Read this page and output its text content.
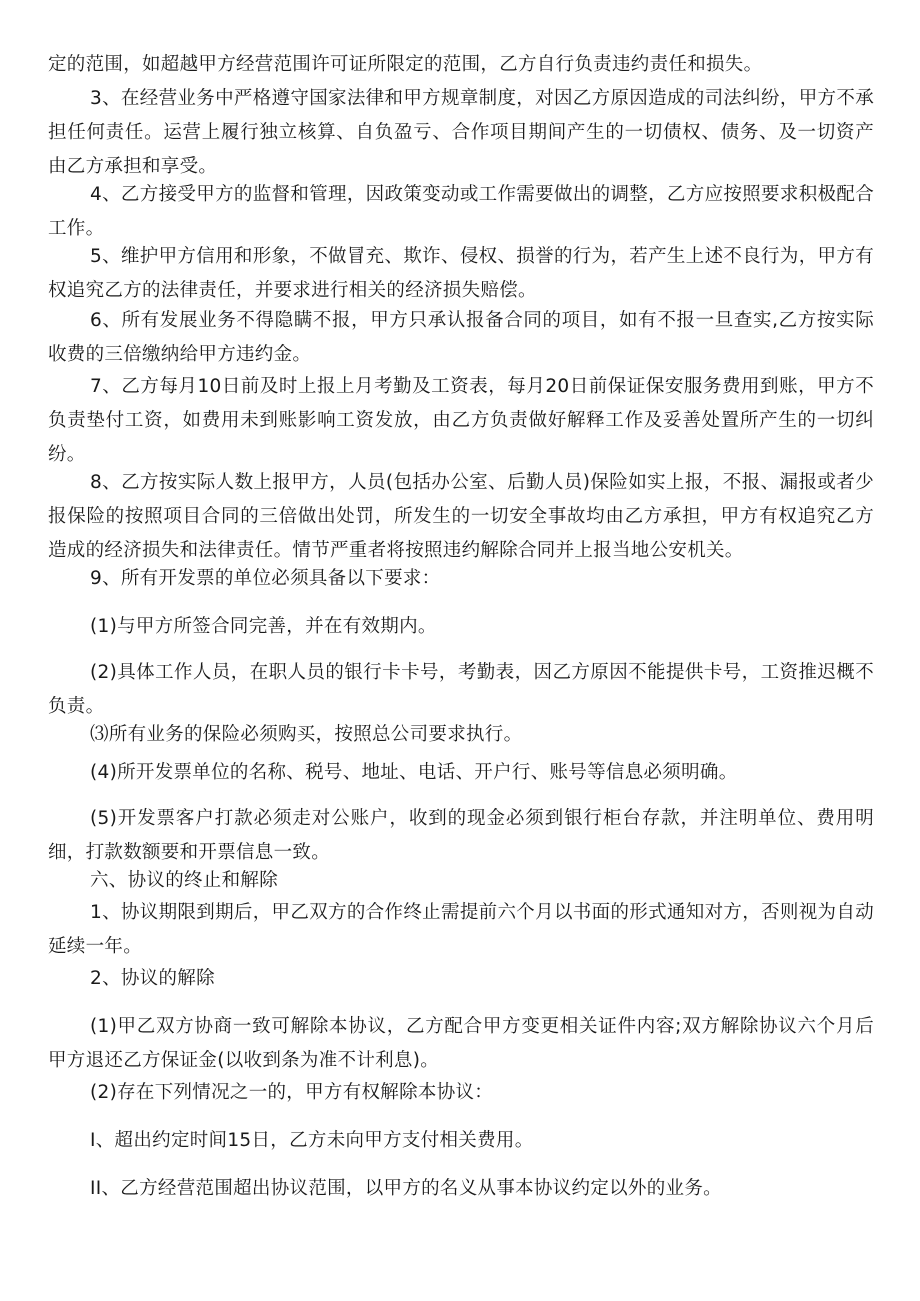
定的范围，如超越甲方经营范围许可证所限定的范围，乙方自行负责违约责任和损失。

3、在经营业务中严格遵守国家法律和甲方规章制度，对因乙方原因造成的司法纠纷，甲方不承担任何责任。运营上履行独立核算、自负盈亏、合作项目期间产生的一切债权、债务、及一切资产由乙方承担和享受。

4、乙方接受甲方的监督和管理，因政策变动或工作需要做出的调整，乙方应按照要求积极配合工作。

5、维护甲方信用和形象，不做冒充、欺诈、侵权、损誉的行为，若产生上述不良行为，甲方有权追究乙方的法律责任，并要求进行相关的经济损失赔偿。

6、所有发展业务不得隐瞒不报，甲方只承认报备合同的项目，如有不报一旦查实,乙方按实际收费的三倍缴纳给甲方违约金。

7、乙方每月10日前及时上报上月考勤及工资表，每月20日前保证保安服务费用到账，甲方不负责垫付工资，如费用未到账影响工资发放，由乙方负责做好解释工作及妥善处置所产生的一切纠纷。

8、乙方按实际人数上报甲方，人员(包括办公室、后勤人员)保险如实上报，不报、漏报或者少报保险的按照项目合同的三倍做出处罚，所发生的一切安全事故均由乙方承担，甲方有权追究乙方造成的经济损失和法律责任。情节严重者将按照违约解除合同并上报当地公安机关。

9、所有开发票的单位必须具备以下要求：

(1)与甲方所签合同完善，并在有效期内。

(2)具体工作人员，在职人员的银行卡卡号，考勤表，因乙方原因不能提供卡号，工资推迟概不负责。

⑶所有业务的保险必须购买，按照总公司要求执行。

(4)所开发票单位的名称、税号、地址、电话、开户行、账号等信息必须明确。

(5)开发票客户打款必须走对公账户，收到的现金必须到银行柜台存款，并注明单位、费用明细，打款数额要和开票信息一致。

六、协议的终止和解除

1、协议期限到期后，甲乙双方的合作终止需提前六个月以书面的形式通知对方，否则视为自动延续一年。

2、协议的解除

(1)甲乙双方协商一致可解除本协议，乙方配合甲方变更相关证件内容;双方解除协议六个月后甲方退还乙方保证金(以收到条为准不计利息)。

(2)存在下列情况之一的，甲方有权解除本协议：

I、超出约定时间15日，乙方未向甲方支付相关费用。

II、乙方经营范围超出协议范围，以甲方的名义从事本协议约定以外的业务。
